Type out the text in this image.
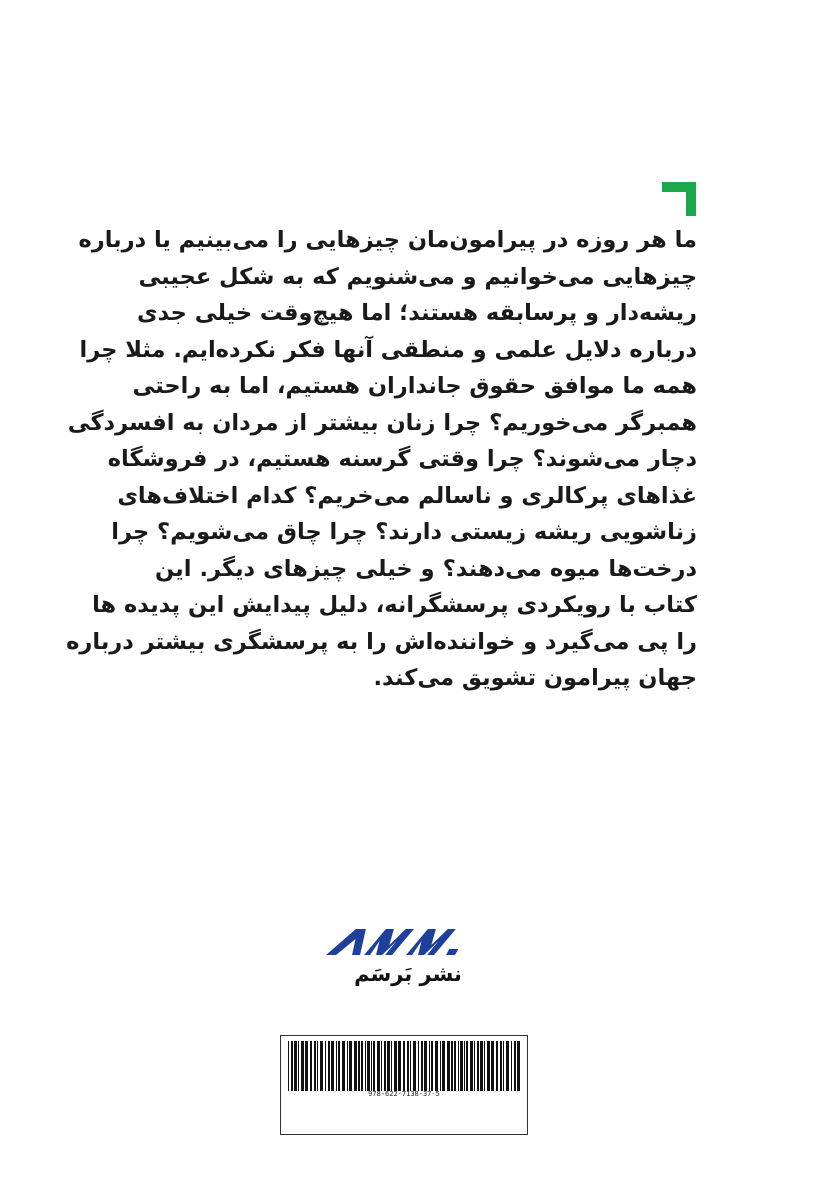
ما هر روزه در پیرامون‌مان چیزهایی را می‌بینیم یا درباره
چیزهایی می‌خوانیم و می‌شنویم که به شکل عجیبی
ریشه‌دار و پرسابقه هستند؛ اما هیچ‌وقت خیلی جدی
درباره دلایل علمی و منطقی آنها فکر نکرده‌ایم. مثلا چرا
همه ما موافق حقوق جانداران هستیم، اما به راحتی
همبرگر می‌خوریم؟ چرا زنان بیشتر از مردان به افسردگی
دچار می‌شوند؟ چرا وقتی گرسنه هستیم، در فروشگاه
غذاهای پرکالری و ناسالم می‌خریم؟ کدام اختلاف‌های
زناشویی ریشه زیستی دارند؟ چرا چاق می‌شویم؟ چرا
درخت‌ها میوه می‌دهند؟ و خیلی چیزهای دیگر. این
کتاب با رویکردی پرسشگرانه، دلیل پیدایش این پدیده ها
را پی می‌گیرد و خواننده‌اش را به پرسشگری بیشتر درباره
جهان پیرامون تشویق می‌کند.
نشر بَرسَم
978-622-7138-37-5
